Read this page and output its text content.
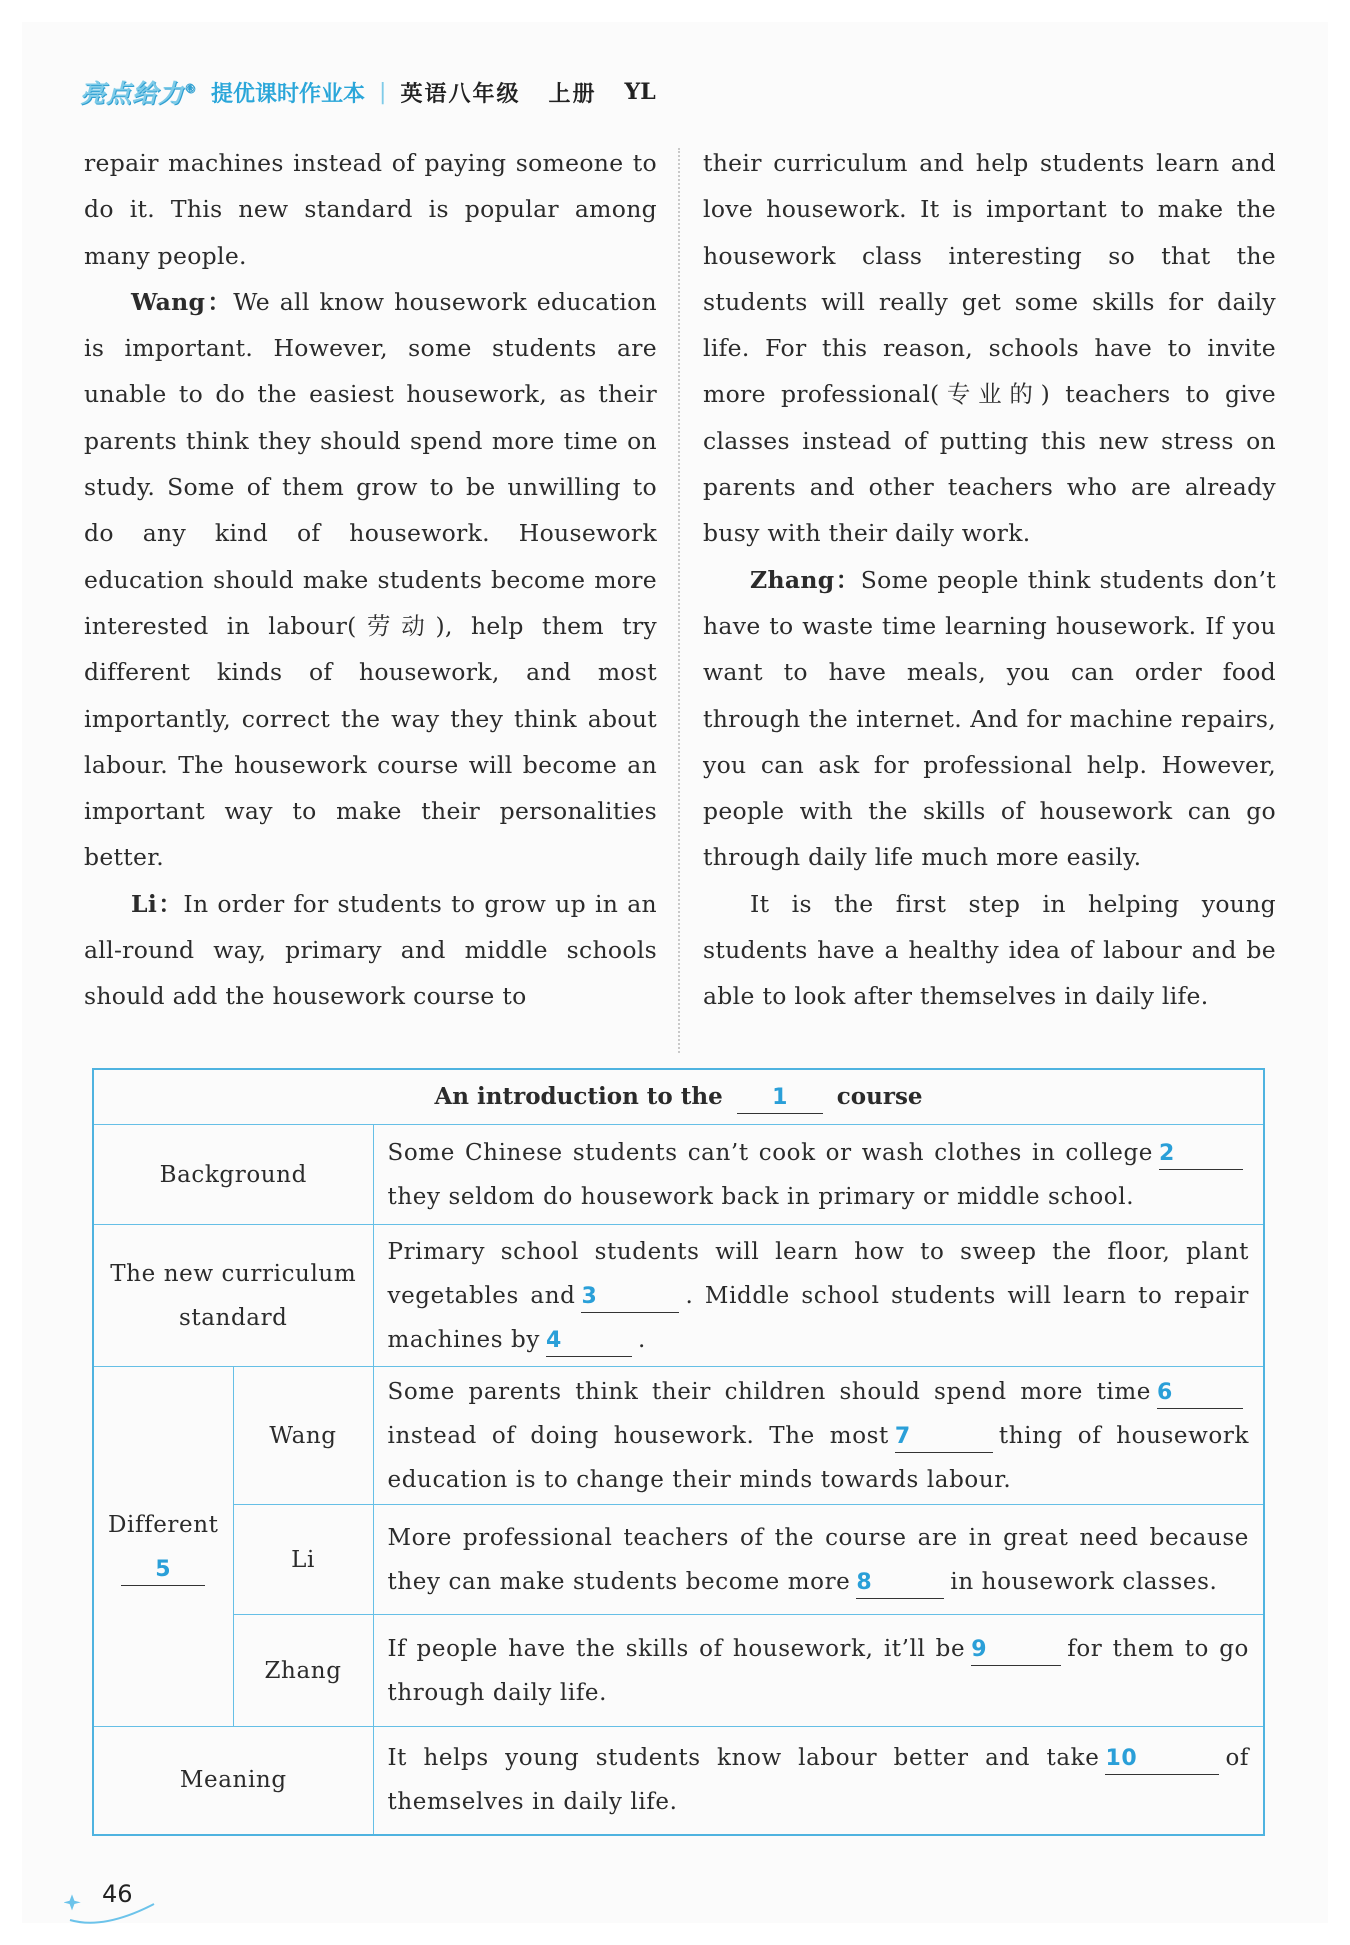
亮点给力® 提优课时作业本 | 英语八年级 上册 YL

repair machines instead of paying someone to do it. This new standard is popular among many people.

Wang：We all know housework education is important. However, some students are unable to do the easiest housework, as their parents think they should spend more time on study. Some of them grow to be unwilling to do any kind of housework. Housework education should make students become more interested in labour(劳动), help them try different kinds of housework, and most importantly, correct the way they think about labour. The housework course will become an important way to make their personalities better.

Li：In order for students to grow up in an all-round way, primary and middle schools should add the housework course to

their curriculum and help students learn and love housework. It is important to make the housework class interesting so that the students will really get some skills for daily life. For this reason, schools have to invite more professional(专业的) teachers to give classes instead of putting this new stress on parents and other teachers who are already busy with their daily work.

Zhang：Some people think students don’t have to waste time learning housework. If you want to have meals, you can order food through the internet. And for machine repairs, you can ask for professional help. However, people with the skills of housework can go through daily life much more easily.

It is the first step in helping young students have a healthy idea of labour and be able to look after themselves in daily life.

An introduction to the 1 course		
Background		Some Chinese students can’t cook or wash clothes in college 2they seldom do housework back in primary or middle school.

The new curriculum
standard		Primary school students will learn how to sweep the floor, plant vegetables and 3 . Middle school students will learn to repair machines by 4 .

Different
5	Wang	Some parents think their children should spend more time 6instead of doing housework. The most 7 thing of housework education is to change their minds towards labour.
	Li	More professional teachers of the course are in great need because they can make students become more 8 in housework classes.
	Zhang	If people have the skills of housework, it’ll be 9 for them to go through daily life.
Meaning		It helps young students know labour better and take 10 of themselves in daily life.
46
